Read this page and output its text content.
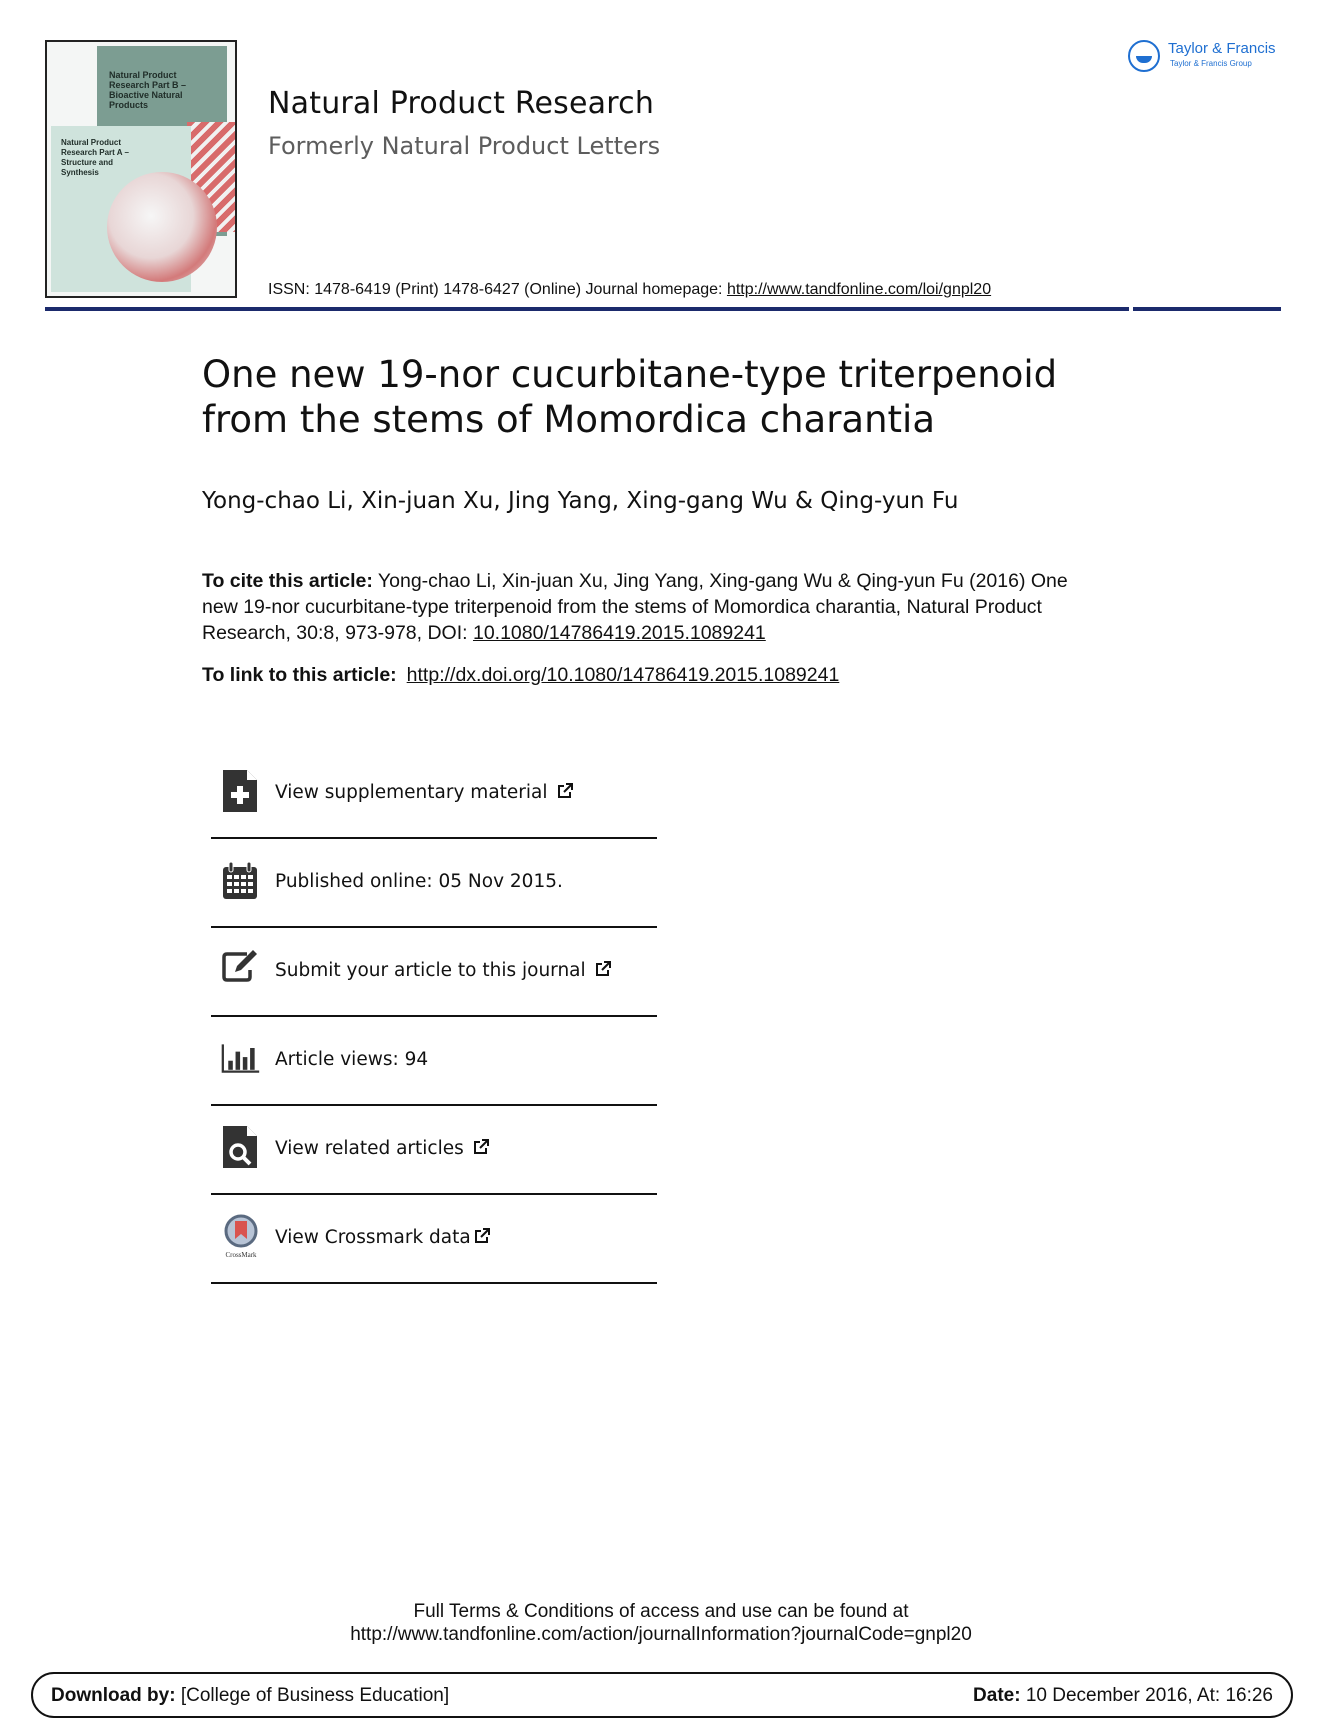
Natural Product Research Part B – Bioactive Natural Products
Natural Product Research Part A – Structure and Synthesis
Natural Product Research
Formerly Natural Product Letters
ISSN: 1478-6419 (Print) 1478-6427 (Online) Journal homepage: http://www.tandfonline.com/loi/gnpl20
Taylor & Francis
Taylor & Francis Group
One new 19-nor cucurbitane-type triterpenoid from the stems of Momordica charantia
Yong-chao Li, Xin-juan Xu, Jing Yang, Xing-gang Wu & Qing-yun Fu
To cite this article: Yong-chao Li, Xin-juan Xu, Jing Yang, Xing-gang Wu & Qing-yun Fu (2016) One new 19-nor cucurbitane-type triterpenoid from the stems of Momordica charantia, Natural Product Research, 30:8, 973-978, DOI: 10.1080/14786419.2015.1089241
To link to this article: http://dx.doi.org/10.1080/14786419.2015.1089241
View supplementary material
Published online: 05 Nov 2015.
Submit your article to this journal
Article views: 94
View related articles
CrossMark
View Crossmark data
Full Terms & Conditions of access and use can be found at
http://www.tandfonline.com/action/journalInformation?journalCode=gnpl20
Download by: [College of Business Education]	Date: 10 December 2016, At: 16:26
